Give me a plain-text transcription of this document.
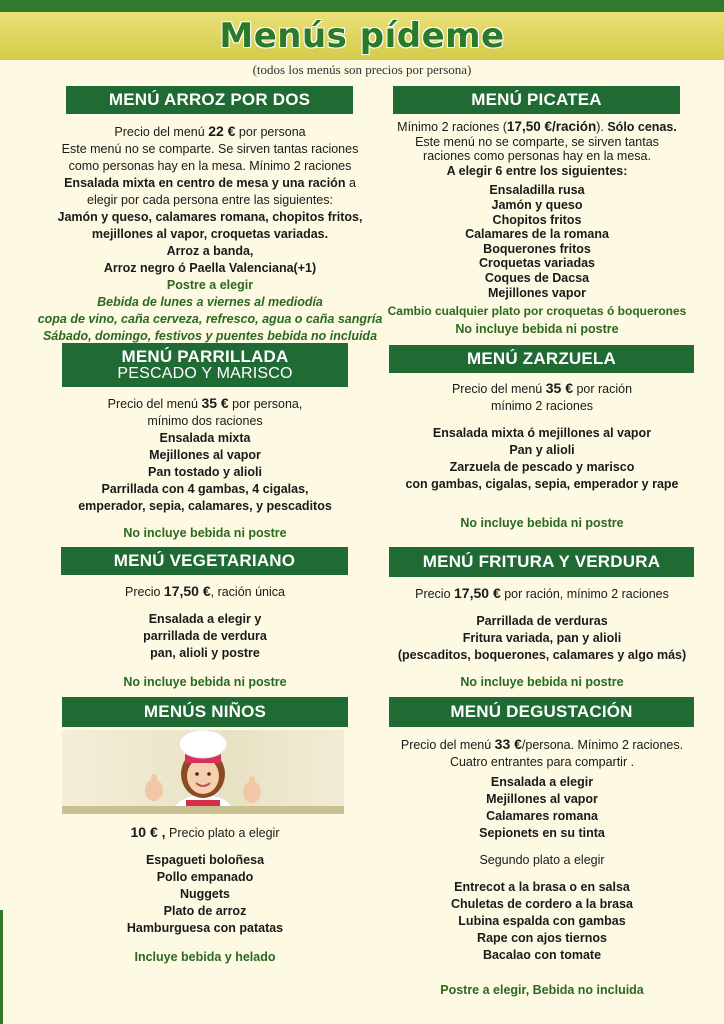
Menús pídeme
(todos los menús son precios por persona)
MENÚ ARROZ POR DOS
Precio del menú 22 € por persona
Este menú no se comparte. Se sirven tantas raciones
como personas hay en la mesa. Mínimo 2 raciones
Ensalada mixta en centro de mesa y una ración a
elegir por cada persona entre las siguientes:
Jamón y queso, calamares romana, chopitos fritos,
mejillones al vapor, croquetas variadas.
Arroz a banda,
Arroz negro ó Paella Valenciana(+1)
Postre a elegir
Bebida de lunes a viernes al mediodía
copa de vino, caña cerveza, refresco, agua o caña sangría
Sábado, domingo, festivos y puentes bebida no incluida
MENÚ PICATEA
Mínimo 2 raciones (17,50 €/ración). Sólo cenas.
Este menú no se comparte, se sirven tantas
raciones como personas hay en la mesa.
A elegir 6 entre los siguientes:
Ensaladilla rusa
Jamón y queso
Chopitos fritos
Calamares de la romana
Boquerones fritos
Croquetas variadas
Coques de Dacsa
Mejillones vapor
Cambio cualquier plato por croquetas ó boquerones
No incluye bebida ni postre
MENÚ PARRILLADA
PESCADO Y MARISCO
Precio del menú 35 € por persona,
mínimo dos raciones
Ensalada mixta
Mejillones al vapor
Pan tostado y alioli
Parrillada con 4 gambas, 4 cigalas,
emperador, sepia, calamares, y pescaditos
No incluye bebida ni postre
MENÚ ZARZUELA
Precio del menú 35 € por ración
mínimo 2 raciones
Ensalada mixta ó mejillones al vapor
Pan y alioli
Zarzuela de pescado y marisco
con gambas, cigalas, sepia, emperador y rape
No incluye bebida ni postre
MENÚ VEGETARIANO
Precio 17,50 €, ración única
Ensalada a elegir y
parrillada de verdura
pan, alioli y postre
No incluye bebida ni postre
MENÚ FRITURA Y VERDURA
Precio 17,50 € por ración, mínimo 2 raciones
Parrillada de verduras
Fritura variada, pan y alioli
(pescaditos, boquerones, calamares y algo más)
No incluye bebida ni postre
MENÚS NIÑOS
10 € , Precio plato a elegir
Espagueti boloñesa
Pollo empanado
Nuggets
Plato de arroz
Hamburguesa con patatas
Incluye bebida y helado
MENÚ DEGUSTACIÓN
Precio del menú 33 €/persona. Mínimo 2 raciones.
Cuatro entrantes para compartir .
Ensalada a elegir
Mejillones al vapor
Calamares romana
Sepionets en su tinta
Segundo plato a elegir
Entrecot a la brasa o en salsa
Chuletas de cordero a la brasa
Lubina espalda con gambas
Rape con ajos tiernos
Bacalao con tomate
Postre a elegir, Bebida no incluida
